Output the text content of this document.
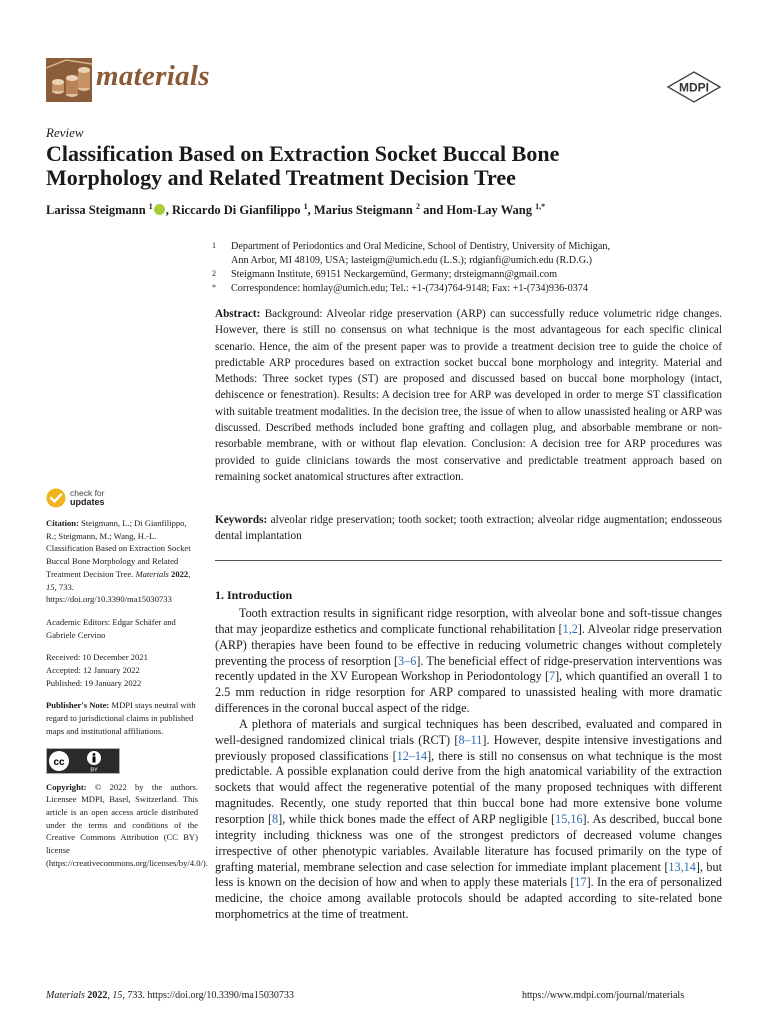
materials	MDPI
Review
Classification Based on Extraction Socket Buccal Bone
Morphology and Related Treatment Decision Tree
Larissa Steigmann $^1$ , Riccardo Di Gianfilippo $^1$, Marius Steigmann $^2$ and Hom-Lay Wang $^{1,*}$
1	Department of Periodontics and Oral Medicine, School of Dentistry, University of Michigan,
Ann Arbor, MI 48109, USA; lasteigm@umich.edu (L.S.); rdgianfi@umich.edu (R.D.G.)
2	Steigmann Institute, 69151 Neckargemünd, Germany; drsteigmann@gmail.com
*	Correspondence: homlay@umich.edu; Tel.: +1-(734)764-9148; Fax: +1-(734)936-0374
Abstract: Background: Alveolar ridge preservation (ARP) can successfully reduce volumetric ridge changes. However, there is still no consensus on what technique is the most advantageous for each specific clinical scenario. Hence, the aim of the present paper was to provide a treatment decision tree to guide the choice of predictable ARP procedures based on extraction socket buccal bone morphology and integrity. Material and Methods: Three socket types (ST) are proposed and discussed based on buccal bone morphology (intact, dehiscence or fenestration). Results: A decision tree for ARP was developed in order to merge ST classification with suitable treatment modalities. In the decision tree, the issue of when to allow unassisted healing or ARP was discussed. Described methods included bone grafting and collagen plug, and absorbable membrane or non-resorbable membrane, with or without flap elevation. Conclusion: A decision tree for ARP procedures was provided to guide clinicians towards the most conservative and predictable treatment approach based on remaining socket anatomical structures after extraction.
Keywords: alveolar ridge preservation; tooth socket; tooth extraction; alveolar ridge augmentation; endosseous dental implantation
1. Introduction

Tooth extraction results in significant ridge resorption, with alveolar bone and soft-tissue changes that may jeopardize esthetics and complicate functional rehabilitation [1,2]. Alveolar ridge preservation (ARP) therapies have been found to be effective in reducing volumetric changes without completely preventing the process of resorption [3–6]. The beneficial effect of ridge-preservation interventions was recently updated in the XV European Workshop in Periodontology [7], which quantified an overall 1 to 2.5 mm reduction in ridge resorption for ARP compared to unassisted healing with more dramatic differences in the coronal buccal aspect of the ridge.

A plethora of materials and surgical techniques has been described, evaluated and compared in well-designed randomized clinical trials (RCT) [8–11]. However, despite intensive investigations and previously proposed classifications [12–14], there is still no consensus on what technique is the most predictable. A possible explanation could derive from the high anatomical variability of the extraction sockets that would affect the regenerative potential of the many proposed techniques with different magnitudes. Recently, one study reported that thin buccal bone had more extensive bone volume resorption [8], while thick bones made the effect of ARP negligible [15,16]. As described, buccal bone integrity including thickness was one of the strongest predictors of decreased volume changes irrespective of other phenotypic variables. Available literature has focused primarily on the type of grafting material, membrane selection and case selection for immediate implant placement [13,14], but less is known on the decision of how and when to apply these materials [17]. In the era of personalized medicine, the choice among available protocols should be adapted according to site-related bone morphometrics at the time of treatment.

check for
updates
Citation: Steigmann, L.; Di Gianfilippo, R.; Steigmann, M.; Wang, H.-L. Classification Based on Extraction Socket Buccal Bone Morphology and Related Treatment Decision Tree. Materials 2022, 15, 733. https://doi.org/10.3390/ma15030733
Academic Editors: Edgar Schäfer and Gabriele Cervino
Received: 10 December 2021
Accepted: 12 January 2022
Published: 19 January 2022
Publisher's Note: MDPI stays neutral with regard to jurisdictional claims in published maps and institutional affiliations.
cc
BY
Copyright: © 2022 by the authors. Licensee MDPI, Basel, Switzerland. This article is an open access article distributed under the terms and conditions of the Creative Commons Attribution (CC BY) license (https://creativecommons.org/licenses/by/4.0/).
Materials 2022, 15, 733. https://doi.org/10.3390/ma15030733	https://www.mdpi.com/journal/materials
